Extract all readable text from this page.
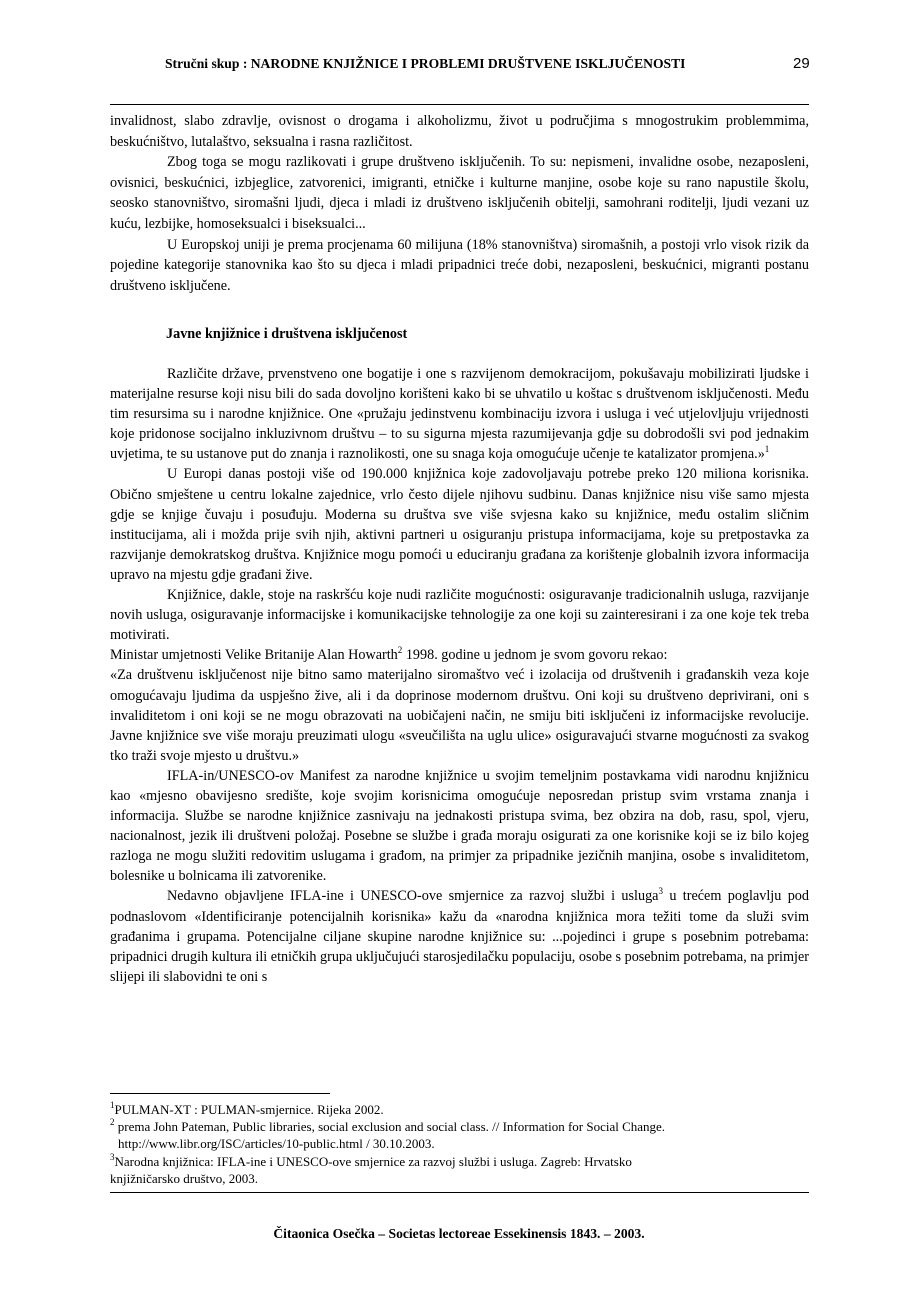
Stručni skup : NARODNE KNJIŽNICE I PROBLEMI DRUŠTVENE ISKLJUČENOSTI	29

invalidnost, slabo zdravlje, ovisnost o drogama i alkoholizmu, život u područjima s mnogostrukim problemmima, beskućništvo, lutalaštvo, seksualna i rasna različitost.

Zbog toga se mogu razlikovati i grupe društveno isključenih. To su: nepismeni, invalidne osobe, nezaposleni, ovisnici, beskućnici, izbjeglice, zatvorenici, imigranti, etničke i kulturne manjine, osobe koje su rano napustile školu, seosko stanovništvo, siromašni ljudi, djeca i mladi iz društveno isključenih obitelji, samohrani roditelji, ljudi vezani uz kuću, lezbijke, homoseksualci i biseksualci...

U Europskoj uniji je prema procjenama 60 milijuna (18% stanovništva) siromašnih, a postoji vrlo visok rizik da pojedine kategorije stanovnika kao što su djeca i mladi pripadnici treće dobi, nezaposleni, beskućnici, migranti postanu društveno isključene.

Javne knjižnice i društvena isključenost

Različite države, prvenstveno one bogatije i one s razvijenom demokracijom, pokušavaju mobilizirati ljudske i materijalne resurse koji nisu bili do sada dovoljno korišteni kako bi se uhvatilo u koštac s društvenom isključenosti. Među tim resursima su i narodne knjižnice. One «pružaju jedinstvenu kombinaciju izvora i usluga i već utjelovljuju vrijednosti koje pridonose socijalno inkluzivnom društvu – to su sigurna mjesta razumijevanja gdje su dobrodošli svi pod jednakim uvjetima, te su ustanove put do znanja i raznolikosti, one su snaga koja omogućuje učenje te katalizator promjena.»$^1$

U Europi danas postoji više od 190.000 knjižnica koje zadovoljavaju potrebe preko 120 miliona korisnika. Obično smještene u centru lokalne zajednice, vrlo često dijele njihovu sudbinu. Danas knjižnice nisu više samo mjesta gdje se knjige čuvaju i posuđuju. Moderna su društva sve više svjesna kako su knjižnice, među ostalim sličnim institucijama, ali i možda prije svih njih, aktivni partneri u osiguranju pristupa informacijama, koje su pretpostavka za razvijanje demokratskog društva. Knjižnice mogu pomoći u educiranju građana za korištenje globalnih izvora informacija upravo na mjestu gdje građani žive.

Knjižnice, dakle, stoje na raskršću koje nudi različite mogućnosti: osiguravanje tradicionalnih usluga, razvijanje novih usluga, osiguravanje informacijske i komunikacijske tehnologije za one koji su zainteresirani i za one koje tek treba motivirati.

Ministar umjetnosti Velike Britanije Alan Howarth$^2$ 1998. godine u jednom je svom govoru rekao:

«Za društvenu isključenost nije bitno samo materijalno siromaštvo već i izolacija od društvenih i građanskih veza koje omogućavaju ljudima da uspješno žive, ali i da doprinose modernom društvu. Oni koji su društveno deprivirani, oni s invaliditetom i oni koji se ne mogu obrazovati na uobičajeni način, ne smiju biti isključeni iz informacijske revolucije. Javne knjižnice sve više moraju preuzimati ulogu «sveučilišta na uglu ulice» osiguravajući stvarne mogućnosti za svakog tko traži svoje mjesto u društvu.»

IFLA-in/UNESCO-ov Manifest za narodne knjižnice u svojim temeljnim postavkama vidi narodnu knjižnicu kao «mjesno obavijesno središte, koje svojim korisnicima omogućuje neposredan pristup svim vrstama znanja i informacija. Službe se narodne knjižnice zasnivaju na jednakosti pristupa svima, bez obzira na dob, rasu, spol, vjeru, nacionalnost, jezik ili društveni položaj. Posebne se službe i građa moraju osigurati za one korisnike koji se iz bilo kojeg razloga ne mogu služiti redovitim uslugama i građom, na primjer za pripadnike jezičnih manjina, osobe s invaliditetom, bolesnike u bolnicama ili zatvorenike.

Nedavno objavljene IFLA-ine i UNESCO-ove smjernice za razvoj službi i usluga$^3$ u trećem poglavlju pod podnaslovom «Identificiranje potencijalnih korisnika» kažu da «narodna knjižnica mora težiti tome da služi svim građanima i grupama. Potencijalne ciljane skupine narodne knjižnice su: ...pojedinci i grupe s posebnim potrebama: pripadnici drugih kultura ili etničkih grupa uključujući starosjedilačku populaciju, osobe s posebnim potrebama, na primjer slijepi ili slabovidni te oni s

$^1$PULMAN-XT : PULMAN-smjernice. Rijeka 2002.

$^2$ prema John Pateman, Public libraries, social exclusion and social class. // Information for Social Change.

http://www.libr.org/ISC/articles/10-public.html / 30.10.2003.

$^3$Narodna knjižnica: IFLA-ine i UNESCO-ove smjernice za razvoj službi i usluga. Zagreb: Hrvatsko

knjižničarsko društvo, 2003.

Čitaonica Osečka – Societas lectoreae Essekinensis 1843. – 2003.
